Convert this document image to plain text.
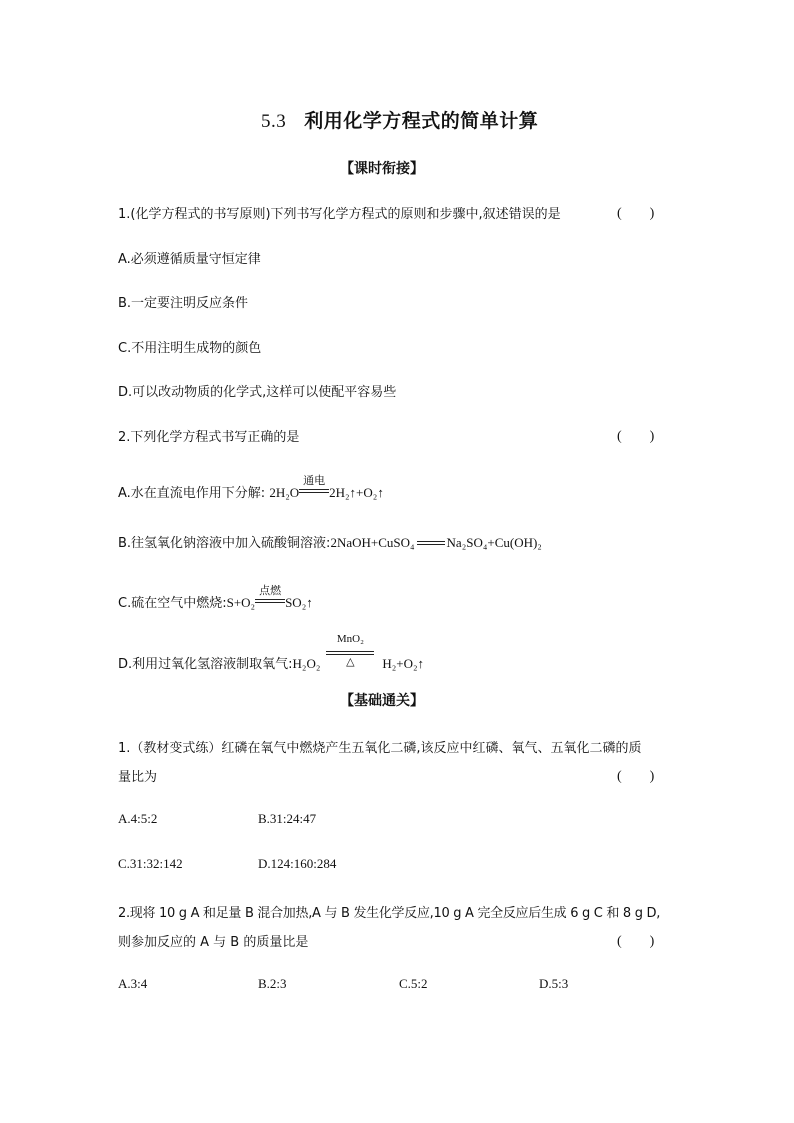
5.3 利用化学方程式的简单计算
【课时衔接】
1.(化学方程式的书写原则)下列书写化学方程式的原则和步骤中,叙述错误的是	(　　)
A.必须遵循质量守恒定律
B.一定要注明反应条件
C.不用注明生成物的颜色
D.可以改动物质的化学式,这样可以使配平容易些
2.下列化学方程式书写正确的是	(　　)
A.水在直流电作用下分解: 2H₂O
通电
2H₂↑+O₂↑
B.往氢氧化钠溶液中加入硫酸铜溶液:2NaOH+CuSO₄ Na₂SO₄+Cu(OH)₂
C.硫在空气中燃烧:S+O₂
点燃
SO₂↑
D.利用过氧化氢溶液制取氧气:H₂O₂
MnO₂
△	H₂+O₂↑
【基础通关】
1.（教材变式练）红磷在氧气中燃烧产生五氧化二磷,该反应中红磷、氧气、五氧化二磷的质
量比为	(　　)
A.4:5:2	B.31:24:47
C.31:32:142	D.124:160:284
2.现将 10 g A 和足量 B 混合加热,A 与 B 发生化学反应,10 g A 完全反应后生成 6 g C 和 8 g D,
则参加反应的 A 与 B 的质量比是	(　　)
A.3:4	B.2:3	C.5:2	D.5:3
